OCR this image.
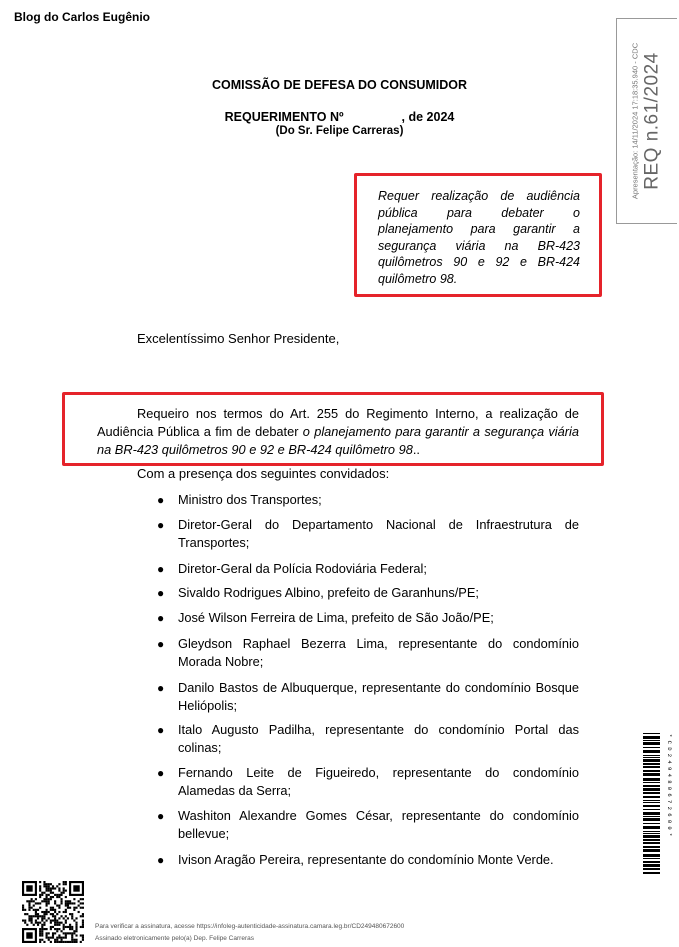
Blog do Carlos Eugênio
Apresentação: 14/11/2024 17:18:35.940 - CDC REQ n.61/2024
COMISSÃO DE DEFESA DO CONSUMIDOR
REQUERIMENTO Nº	, de 2024
(Do Sr. Felipe Carreras)
Requer realização de audiência pública para debater o planejamento para garantir a segurança viária na BR-423 quilômetros 90 e 92 e BR-424 quilômetro 98.
Excelentíssimo Senhor Presidente,
Requeiro nos termos do Art. 255 do Regimento Interno, a realização de Audiência Pública a fim de debater o planejamento para garantir a segurança viária na BR-423 quilômetros 90 e 92 e BR-424 quilômetro 98..
Com a presença dos seguintes convidados:
● Ministro dos Transportes;
● Diretor-Geral do Departamento Nacional de Infraestrutura de Transportes;
● Diretor-Geral da Polícia Rodoviária Federal;
● Sivaldo Rodrigues Albino, prefeito de Garanhuns/PE;
● José Wilson Ferreira de Lima, prefeito de São João/PE;
● Gleydson Raphael Bezerra Lima, representante do condomínio Morada Nobre;
● Danilo Bastos de Albuquerque, representante do condomínio Bosque Heliópolis;
● Italo Augusto Padilha, representante do condomínio Portal das colinas;
● Fernando Leite de Figueiredo, representante do condomínio Alamedas da Serra;
● Washiton Alexandre Gomes César, representante do condomínio bellevue;
● Ivison Aragão Pereira, representante do condomínio Monte Verde.
* C D 2 4 9 4 8 0 6 7 2 6 0 0 *
Para verificar a assinatura, acesse https://infoleg-autenticidade-assinatura.camara.leg.br/CD249480672600
Assinado eletronicamente pelo(a) Dep. Felipe Carreras
